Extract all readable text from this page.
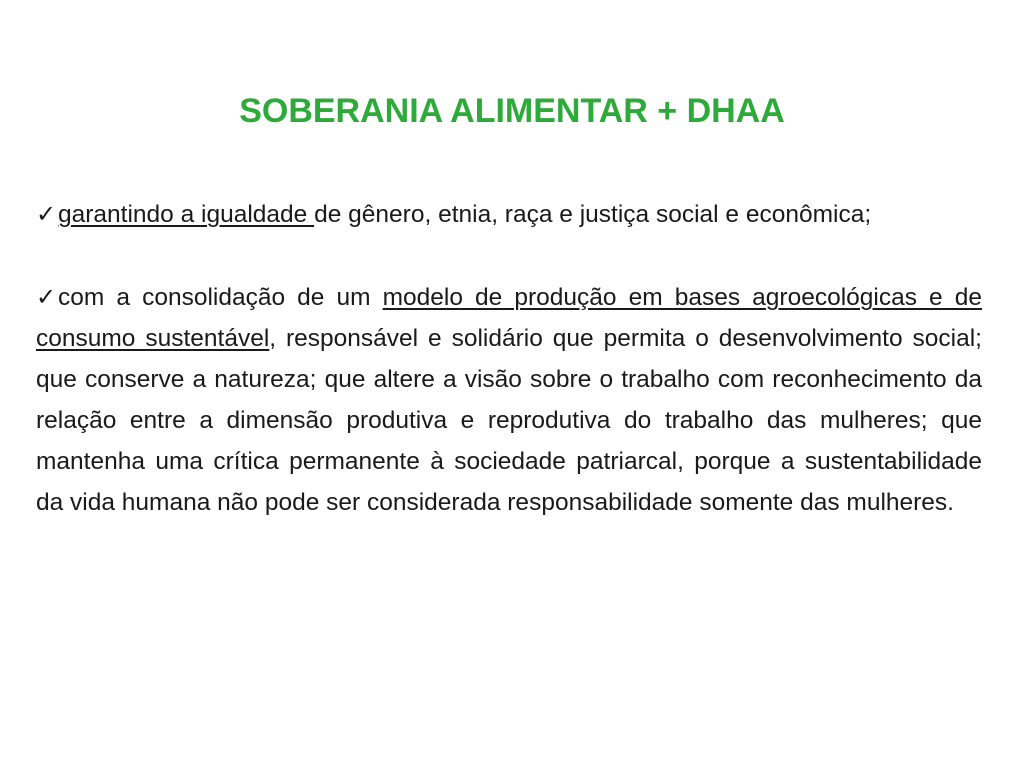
SOBERANIA ALIMENTAR + DHAA

✓garantindo a igualdade de gênero, etnia, raça e justiça social e econômica;

✓com a consolidação de um modelo de produção em bases agroecológicas e de consumo sustentável, responsável e solidário que permita o desenvolvimento social; que conserve a natureza; que altere a visão sobre o trabalho com reconhecimento da relação entre a dimensão produtiva e reprodutiva do trabalho das mulheres; que mantenha uma crítica permanente à sociedade patriarcal, porque a sustentabilidade da vida humana não pode ser considerada responsabilidade somente das mulheres.
